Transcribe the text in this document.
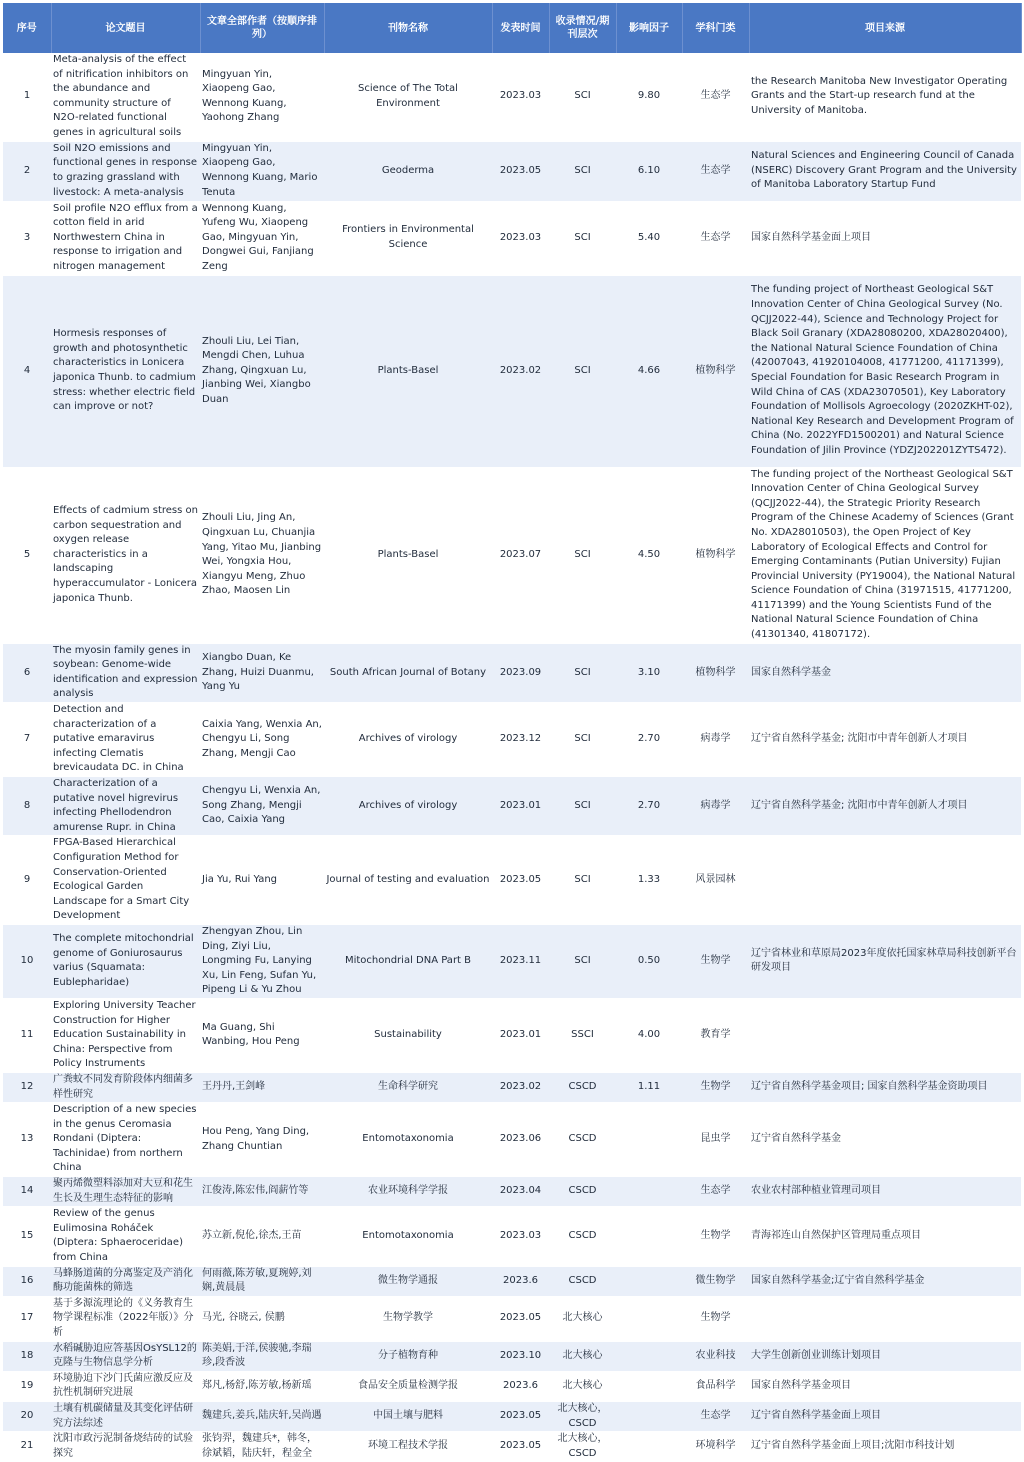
序号	论文题目	文章全部作者（按顺序排列）	刊物名称	发表时间	收录情况/期刊层次	影响因子	学科门类	项目来源
1	Meta-analysis of the effect of nitrification inhibitors on the abundance and community structure of N2O-related functional genes in agricultural soils	Mingyuan Yin, Xiaopeng Gao, Wennong Kuang, Yaohong Zhang	Science of The Total Environment	2023.03	SCI	9.80	生态学	the Research Manitoba New Investigator Operating Grants and the Start-up research fund at the University of Manitoba.
2	Soil N2O emissions and functional genes in response to grazing grassland with livestock: A meta-analysis	Mingyuan Yin, Xiaopeng Gao, Wennong Kuang, Mario Tenuta	Geoderma	2023.05	SCI	6.10	生态学	Natural Sciences and Engineering Council of Canada (NSERC) Discovery Grant Program and the University of Manitoba Laboratory Startup Fund
3	Soil profile N2O efflux from a cotton field in arid Northwestern China in response to irrigation and nitrogen management	Wennong Kuang, Yufeng Wu, Xiaopeng Gao, Mingyuan Yin, Dongwei Gui, Fanjiang Zeng	Frontiers in Environmental Science	2023.03	SCI	5.40	生态学	国家自然科学基金面上项目
4	Hormesis responses of growth and photosynthetic characteristics in Lonicera japonica Thunb. to cadmium stress: whether electric field can improve or not?	Zhouli Liu, Lei Tian, Mengdi Chen, Luhua Zhang, Qingxuan Lu, Jianbing Wei, Xiangbo Duan	Plants-Basel	2023.02	SCI	4.66	植物科学	The funding project of Northeast Geological S&T Innovation Center of China Geological Survey (No. QCJJ2022-44), Science and Technology Project for Black Soil Granary (XDA28080200, XDA28020400), the National Natural Science Foundation of China (42007043, 41920104008, 41771200, 41171399), Special Foundation for Basic Research Program in Wild China of CAS (XDA23070501), Key Laboratory Foundation of Mollisols Agroecology (2020ZKHT-02), National Key Research and Development Program of China (No. 2022YFD1500201) and Natural Science Foundation of Jilin Province (YDZJ202201ZYTS472).
5	Effects of cadmium stress on carbon sequestration and oxygen release characteristics in a landscaping hyperaccumulator - Lonicera japonica Thunb.	Zhouli Liu, Jing An, Qingxuan Lu, Chuanjia Yang, Yitao Mu, Jianbing Wei, Yongxia Hou, Xiangyu Meng, Zhuo Zhao, Maosen Lin	Plants-Basel	2023.07	SCI	4.50	植物科学	The funding project of the Northeast Geological S&T Innovation Center of China Geological Survey (QCJJ2022-44), the Strategic Priority Research Program of the Chinese Academy of Sciences (Grant No. XDA28010503), the Open Project of Key Laboratory of Ecological Effects and Control for Emerging Contaminants (Putian University) Fujian Provincial University (PY19004), the National Natural Science Foundation of China (31971515, 41771200, 41171399) and the Young Scientists Fund of the National Natural Science Foundation of China (41301340, 41807172).
6	The myosin family genes in soybean: Genome-wide identification and expression analysis	Xiangbo Duan, Ke Zhang, Huizi Duanmu, Yang Yu	South African Journal of Botany	2023.09	SCI	3.10	植物科学	国家自然科学基金
7	Detection and characterization of a putative emaravirus infecting Clematis brevicaudata DC. in China	Caixia Yang, Wenxia An, Chengyu Li, Song Zhang, Mengji Cao	Archives of virology	2023.12	SCI	2.70	病毒学	辽宁省自然科学基金; 沈阳市中青年创新人才项目
8	Characterization of a putative novel higrevirus infecting Phellodendron amurense Rupr. in China	Chengyu Li, Wenxia An, Song Zhang, Mengji Cao, Caixia Yang	Archives of virology	2023.01	SCI	2.70	病毒学	辽宁省自然科学基金; 沈阳市中青年创新人才项目
9	FPGA-Based Hierarchical Configuration Method for Conservation-Oriented Ecological Garden Landscape for a Smart City Development	Jia Yu, Rui Yang	Journal of testing and evaluation	2023.05	SCI	1.33	风景园林	
10	The complete mitochondrial genome of Goniurosaurus varius (Squamata: Eublepharidae)	Zhengyan Zhou, Lin Ding, Ziyi Liu, Longming Fu, Lanying Xu, Lin Feng, Sufan Yu, Pipeng Li & Yu Zhou	Mitochondrial DNA Part B	2023.11	SCI	0.50	生物学	辽宁省林业和草原局2023年度依托国家林草局科技创新平台研发项目
11	Exploring University Teacher Construction for Higher Education Sustainability in China: Perspective from Policy Instruments	Ma Guang, Shi Wanbing, Hou Peng	Sustainability	2023.01	SSCI	4.00	教育学	
12	广粪蚊不同发育阶段体内细菌多样性研究	王丹丹,王剑峰	生命科学研究	2023.02	CSCD	1.11	生物学	辽宁省自然科学基金项目; 国家自然科学基金资助项目
13	Description of a new species in the genus Ceromasia Rondani (Diptera: Tachinidae) from northern China	Hou Peng, Yang Ding, Zhang Chuntian	Entomotaxonomia	2023.06	CSCD		昆虫学	辽宁省自然科学基金
14	聚丙烯微塑料添加对大豆和花生生长及生理生态特征的影响	江俊涛,陈宏伟,阎薪竹等	农业环境科学学报	2023.04	CSCD		生态学	农业农村部种植业管理司项目
15	Review of the genus Eulimosina Roháček (Diptera: Sphaeroceridae) from China	苏立新,倪伦,徐杰,王苗	Entomotaxonomia	2023.03	CSCD		生物学	青海祁连山自然保护区管理局重点项目
16	马蜂肠道菌的分离鉴定及产消化酶功能菌株的筛选	何雨薇,陈芳敏,夏琬婷,刘娴,黄晨晨	微生物学通报	2023.6	CSCD		微生物学	国家自然科学基金;辽宁省自然科学基金
17	基于多源流理论的《义务教育生物学课程标准（2022年版）》分析	马光, 谷晓云, 侯鹏	生物学教学	2023.05	北大核心		生物学	
18	水稻碱胁迫应答基因OsYSL12的克隆与生物信息学分析	陈美娟,于洋,侯骏驰,李瑞珍,段香波	分子植物育种	2023.10	北大核心		农业科技	大学生创新创业训练计划项目
19	环境胁迫下沙门氏菌应激反应及抗性机制研究进展	郑凡,杨舒,陈芳敏,杨新瑶	食品安全质量检测学报	2023.6	北大核心		食品科学	国家自然科学基金项目
20	土壤有机碳储量及其变化评估研究方法综述	魏建兵,姜兵,陆庆轩,吴尚遇	中国土壤与肥料	2023.05	北大核心，CSCD		生态学	辽宁省自然科学基金面上项目
21	沈阳市政污泥制备烧结砖的试验探究	张钧羿，魏建兵*，韩冬，徐斌韬，陆庆轩，程金全	环境工程技术学报	2023.05	北大核心，CSCD		环境科学	辽宁省自然科学基金面上项目;沈阳市科技计划
